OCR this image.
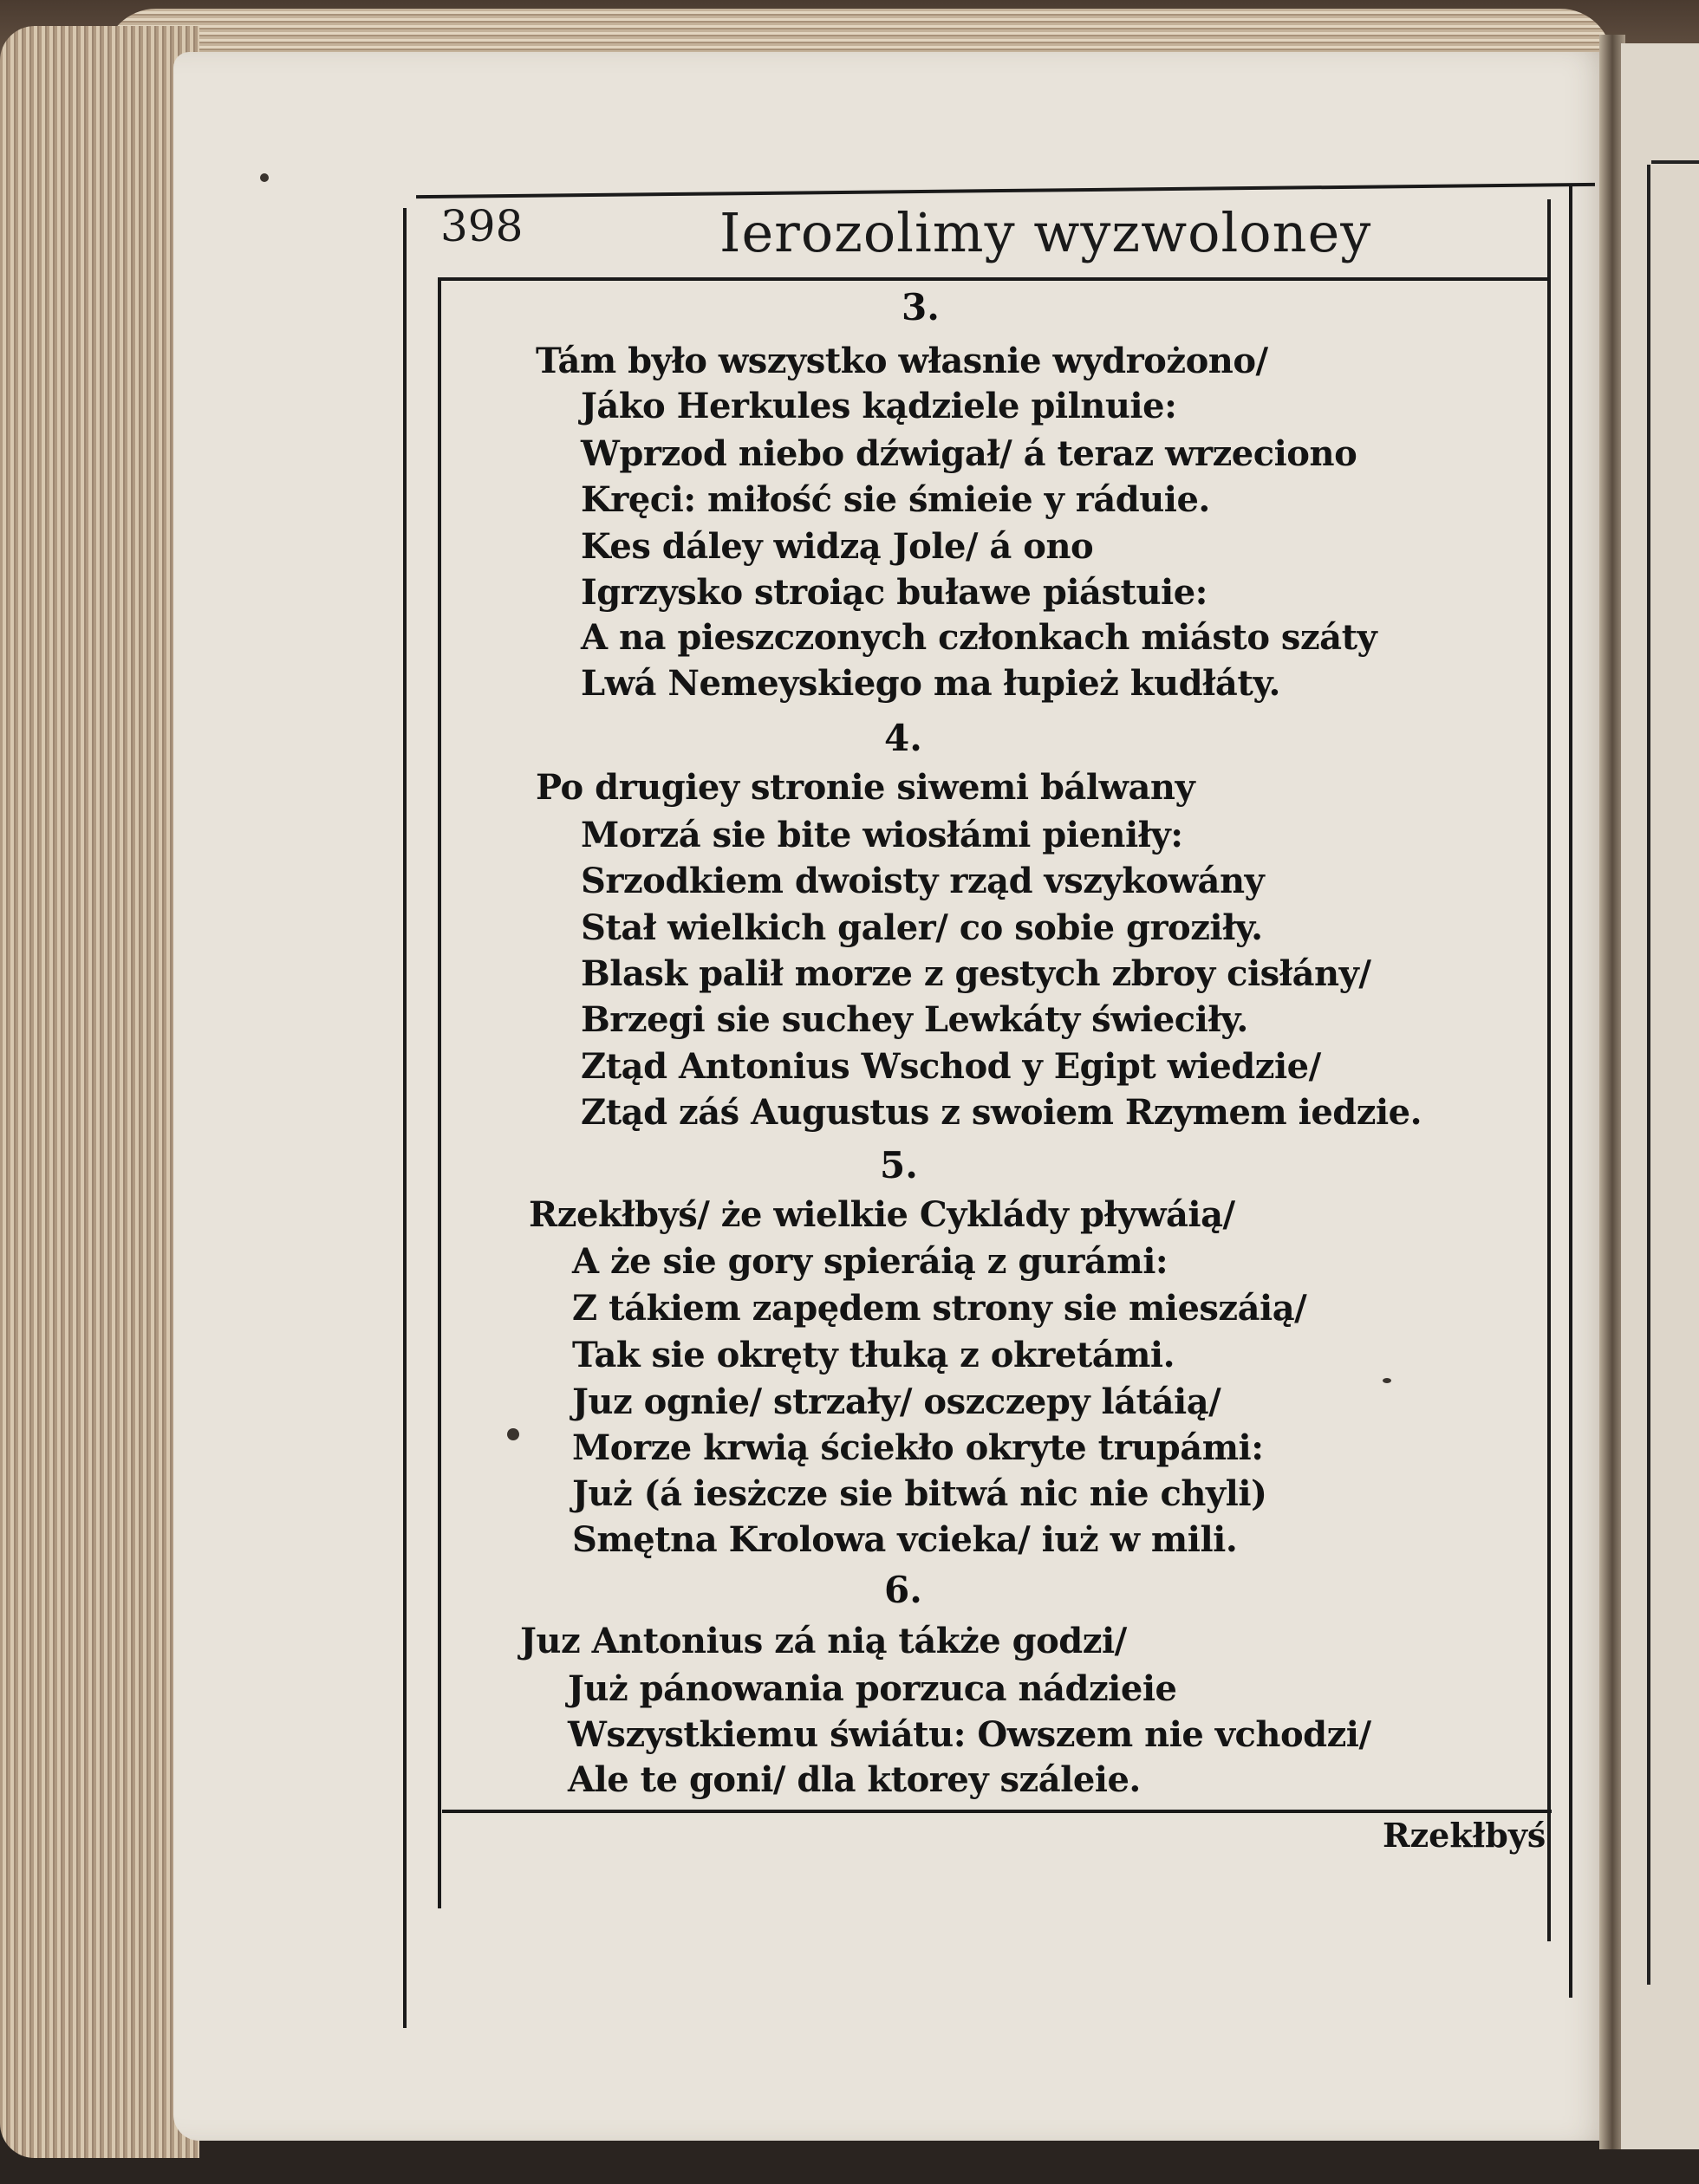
398	Ierozolimy wyzwoloney
3.
Tám było wszystko własnie wydrożono/
Jáko Herkules kądziele pilnuie:
Wprzod niebo dźwigał/ á teraz wrzeciono
Kręci: miłość sie śmieie y ráduie.
Kes dáley widzą Jole/ á ono
Igrzysko stroiąc buławe piástuie:
A na pieszczonych członkach miásto száty
Lwá Nemeyskiego ma łupież kudłáty.
4.
Po drugiey stronie siwemi bálwany
Morzá sie bite wiosłámi pieniły:
Srzodkiem dwoisty rząd vszykowány
Stał wielkich galer/ co sobie groziły.
Blask palił morze z gestych zbroy cisłány/
Brzegi sie suchey Lewkáty świeciły.
Ztąd Antonius Wschod y Egipt wiedzie/
Ztąd záś Augustus z swoiem Rzymem iedzie.
5.
Rzekłbyś/ że wielkie Cyklády pływáią/
A że sie gory spieráią z gurámi:
Z tákiem zapędem strony sie mieszáią/
Tak sie okręty tłuką z okretámi.
Juz ognie/ strzały/ oszczepy látáią/
Morze krwią ściekło okryte trupámi:
Już (á iesżcze sie bitwá nic nie chyli)
Smętna Krolowa vcieka/ iuż w mili.
6.
Juz Antonius zá nią tákże godzi/
Już pánowania porzuca nádzieie
Wszystkiemu świátu: Owszem nie vchodzi/
Ale te goni/ dla ktorey száleie.
Rzekłbyś
